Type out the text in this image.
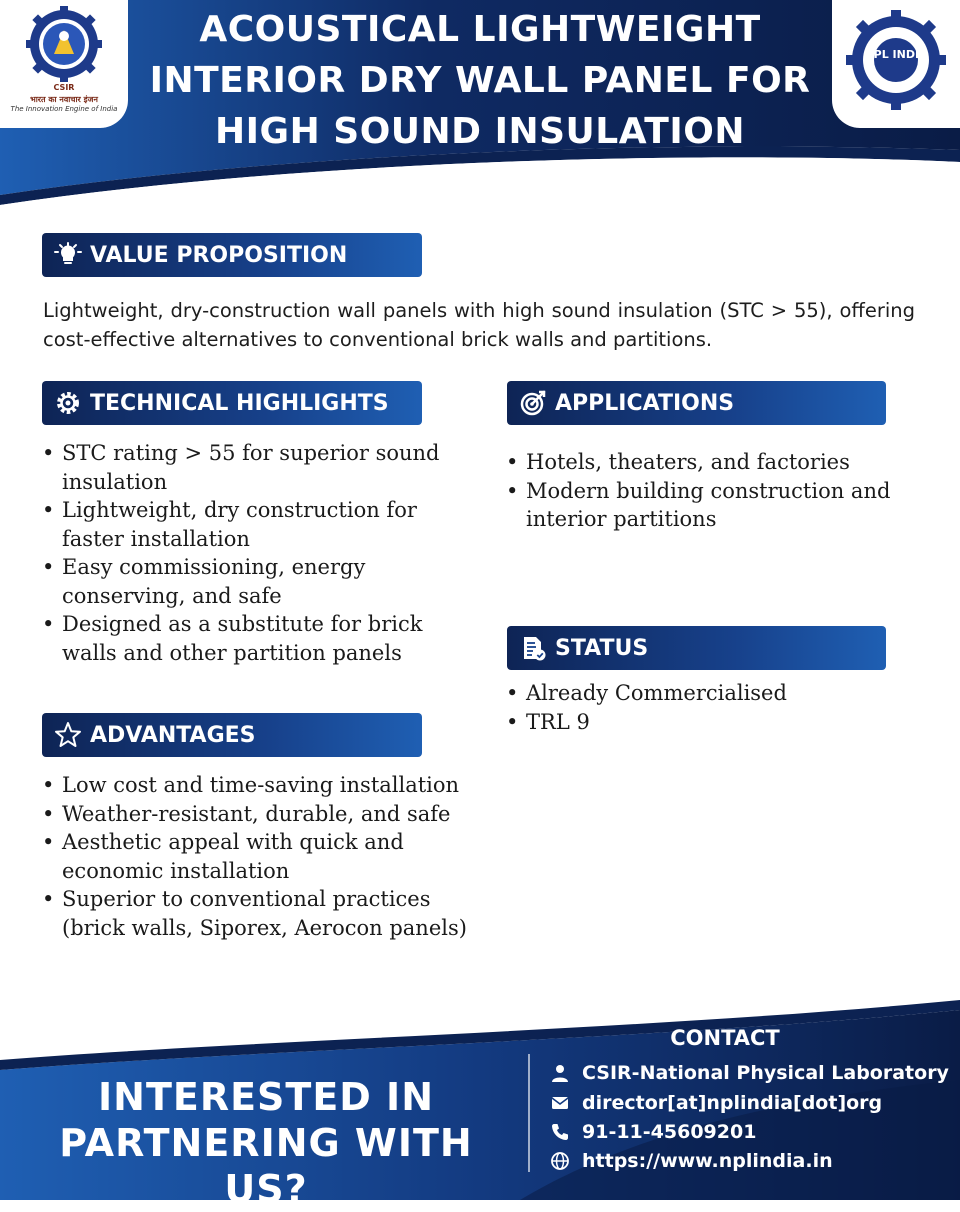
CSIR
भारत का नवाचार इंजन
The Innovation Engine of India
NPL INDIA
ACOUSTICAL LIGHTWEIGHT
INTERIOR DRY WALL PANEL FOR
HIGH SOUND INSULATION
VALUE PROPOSITION
Lightweight, dry-construction wall panels with high sound insulation (STC > 55), offering cost-effective alternatives to conventional brick walls and partitions.
TECHNICAL HIGHLIGHTS
• STC rating > 55 for superior sound insulation
• Lightweight, dry construction for faster installation
• Easy commissioning, energy conserving, and safe
• Designed as a substitute for brick walls and other partition panels
APPLICATIONS
• Hotels, theaters, and factories
• Modern building construction and interior partitions
STATUS
• Already Commercialised
• TRL 9
ADVANTAGES
• Low cost and time-saving installation
• Weather-resistant, durable, and safe
• Aesthetic appeal with quick and economic installation
• Superior to conventional practices (brick walls, Siporex, Aerocon panels)
INTERESTED IN PARTNERING WITH US?
CONTACT
CSIR-National Physical Laboratory
director[at]nplindia[dot]org
91-11-45609201
https://www.nplindia.in
